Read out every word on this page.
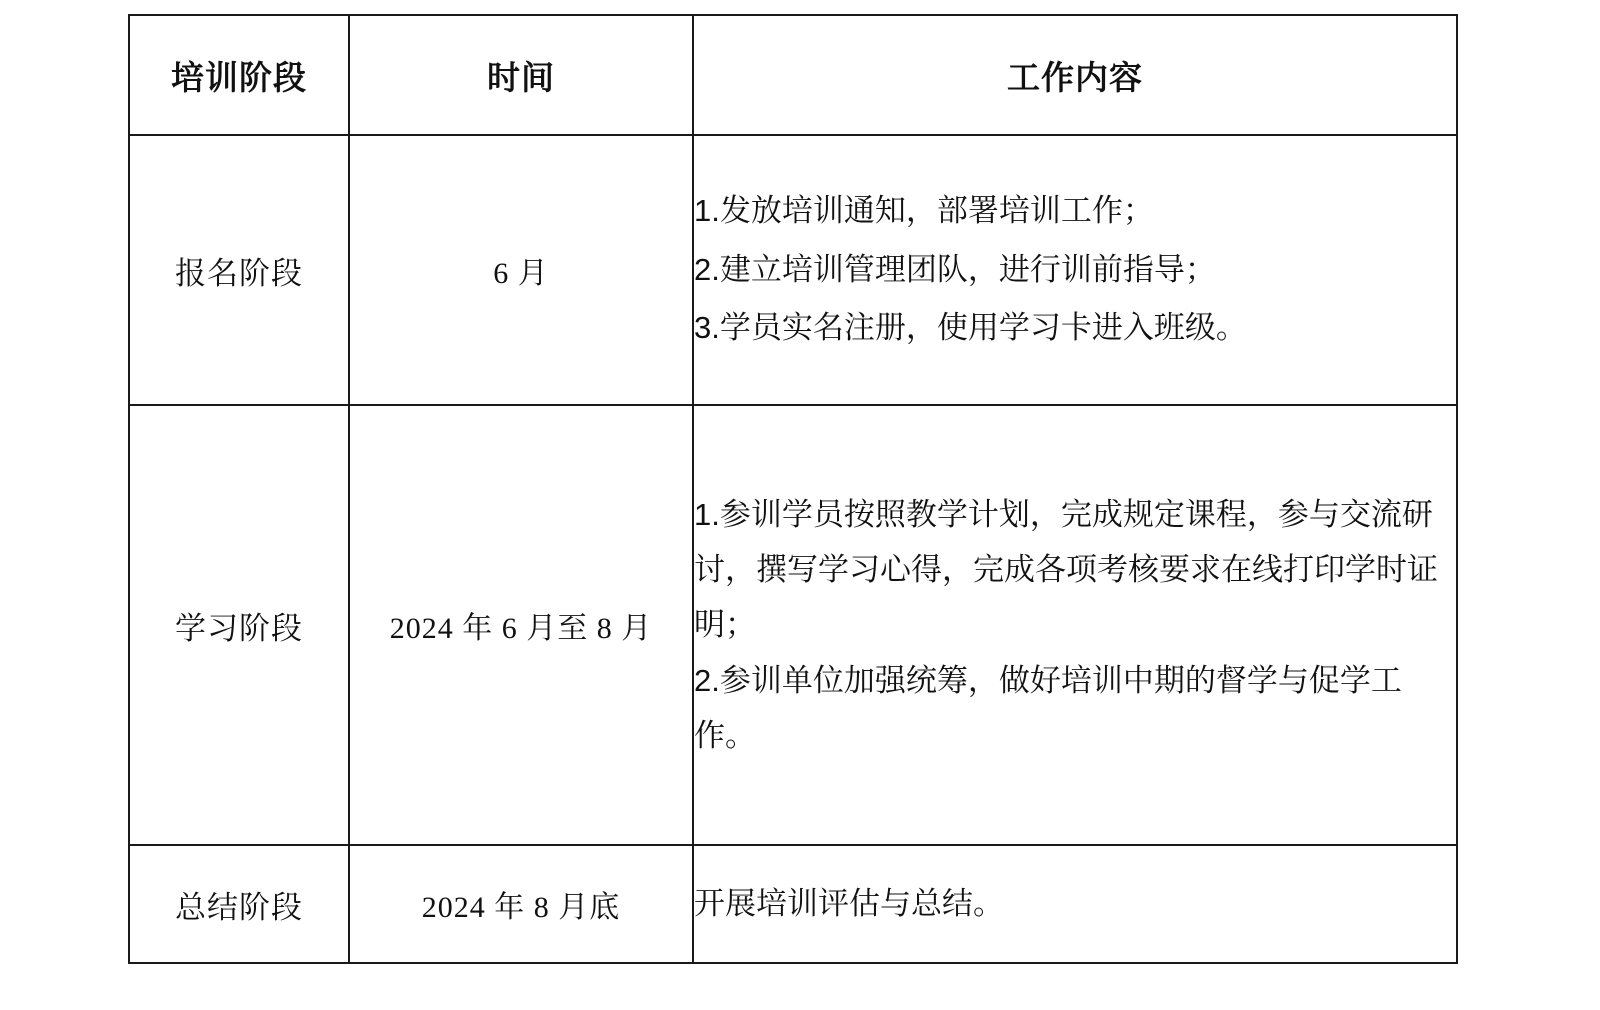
培训阶段	时间	工作内容
报名阶段	6 月	1.发放培训通知，部署培训工作；
2.建立培训管理团队，进行训前指导；
3.学员实名注册，使用学习卡进入班级。

学习阶段	2024 年 6 月至 8 月	1.参训学员按照教学计划，完成规定课程，参与交流研讨，撰写学习心得，完成各项考核要求在线打印学时证明；
2.参训单位加强统筹，做好培训中期的督学与促学工作。

总结阶段	2024 年 8 月底	开展培训评估与总结。
